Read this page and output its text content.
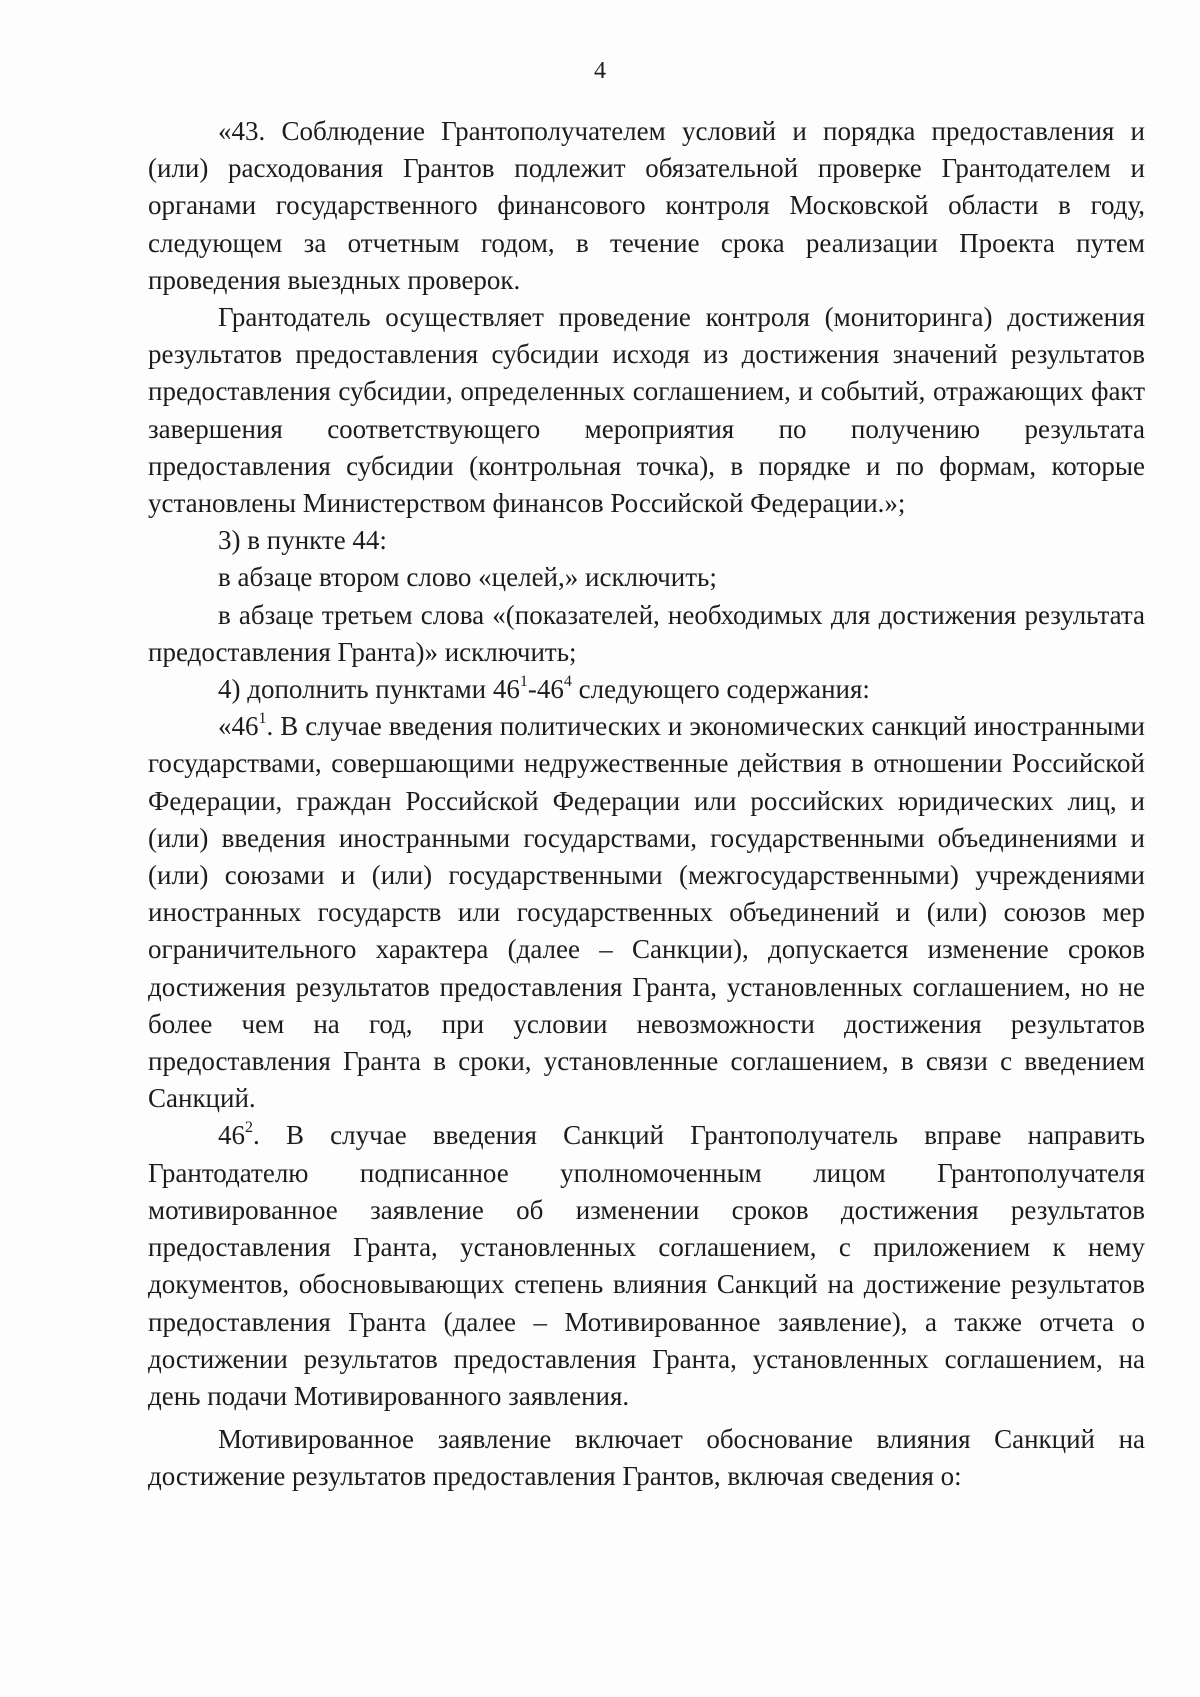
4

«43. Соблюдение Грантополучателем условий и порядка предоставления и (или) расходования Грантов подлежит обязательной проверке Грантодателем и органами государственного финансового контроля Московской области в году, следующем за отчетным годом, в течение срока реализации Проекта путем проведения выездных проверок.

Грантодатель осуществляет проведение контроля (мониторинга) достижения результатов предоставления субсидии исходя из достижения значений результатов предоставления субсидии, определенных соглашением, и событий, отражающих факт завершения соответствующего мероприятия по получению результата предоставления субсидии (контрольная точка), в порядке и по формам, которые установлены Министерством финансов Российской Федерации.»;

3) в пункте 44:

в абзаце втором слово «целей,» исключить;

в абзаце третьем слова «(показателей, необходимых для достижения результата предоставления Гранта)» исключить;

4) дополнить пунктами $46^1-46^4$ следующего содержания:

«$46^1$. В случае введения политических и экономических санкций иностранными государствами, совершающими недружественные действия в отношении Российской Федерации, граждан Российской Федерации или российских юридических лиц, и (или) введения иностранными государствами, государственными объединениями и (или) союзами и (или) государственными (межгосударственными) учреждениями иностранных государств или государственных объединений и (или) союзов мер ограничительного характера (далее – Санкции), допускается изменение сроков достижения результатов предоставления Гранта, установленных соглашением, но не более чем на год, при условии невозможности достижения результатов предоставления Гранта в сроки, установленные соглашением, в связи с введением Санкций.

$46^2$. В случае введения Санкций Грантополучатель вправе направить Грантодателю подписанное уполномоченным лицом Грантополучателя мотивированное заявление об изменении сроков достижения результатов предоставления Гранта, установленных соглашением, с приложением к нему документов, обосновывающих степень влияния Санкций на достижение результатов предоставления Гранта (далее – Мотивированное заявление), а также отчета о достижении результатов предоставления Гранта, установленных соглашением, на день подачи Мотивированного заявления.

Мотивированное заявление включает обоснование влияния Санкций на достижение результатов предоставления Грантов, включая сведения о:
